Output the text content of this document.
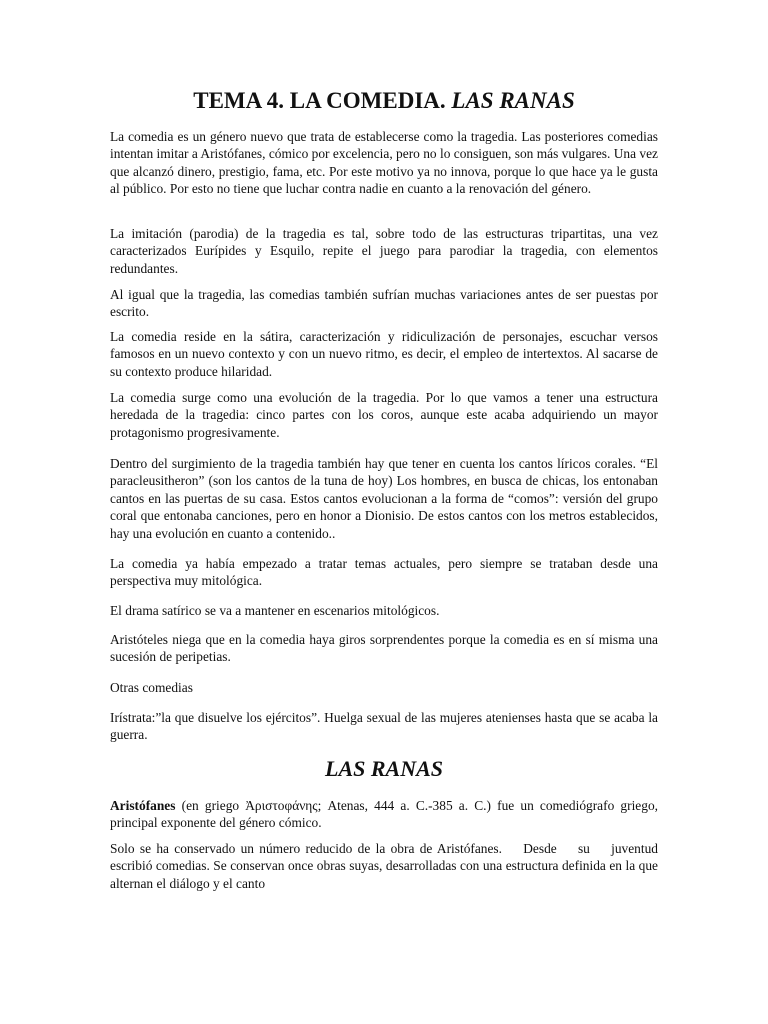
TEMA 4. LA COMEDIA. LAS RANAS

La comedia es un género nuevo que trata de establecerse como la tragedia. Las posteriores comedias intentan imitar a Aristófanes, cómico por excelencia, pero no lo consiguen, son más vulgares. Una vez que alcanzó dinero, prestigio, fama, etc. Por este motivo ya no innova, porque lo que hace ya le gusta al público. Por esto no tiene que luchar contra nadie en cuanto a la renovación del género.

La imitación (parodia) de la tragedia es tal, sobre todo de las estructuras tripartitas, una vez caracterizados Eurípides y Esquilo, repite el juego para parodiar la tragedia, con elementos redundantes.

Al igual que la tragedia, las comedias también sufrían muchas variaciones antes de ser puestas por escrito.

La comedia reside en la sátira, caracterización y ridiculización de personajes, escuchar versos famosos en un nuevo contexto y con un nuevo ritmo, es decir, el empleo de intertextos. Al sacarse de su contexto produce hilaridad.

La comedia surge como una evolución de la tragedia. Por lo que vamos a tener una estructura heredada de la tragedia: cinco partes con los coros, aunque este acaba adquiriendo un mayor protagonismo progresivamente.

Dentro del surgimiento de la tragedia también hay que tener en cuenta los cantos líricos corales. “El paracleusitheron” (son los cantos de la tuna de hoy) Los hombres, en busca de chicas, los entonaban cantos en las puertas de su casa. Estos cantos evolucionan a la forma de “comos”: versión del grupo coral que entonaba canciones, pero en honor a Dionisio. De estos cantos con los metros establecidos, hay una evolución en cuanto a contenido..

La comedia ya había empezado a tratar temas actuales, pero siempre se trataban desde una perspectiva muy mitológica.

El drama satírico se va a mantener en escenarios mitológicos.

Aristóteles niega que en la comedia haya giros sorprendentes porque la comedia es en sí misma una sucesión de peripetias.

Otras comedias

Irístrata:”la que disuelve los ejércitos”. Huelga sexual de las mujeres atenienses hasta que se acaba la guerra.

LAS RANAS

Aristófanes (en griego Ἀριστοφάνης; Atenas, 444 a. C.-385 a. C.) fue un comediógrafo griego, principal exponente del género cómico.

Solo se ha conservado un número reducido de la obra de Aristófanes.    Desde    su    juventud escribió comedias. Se conservan once obras suyas, desarrolladas con una estructura definida en la que alternan el diálogo y el canto
